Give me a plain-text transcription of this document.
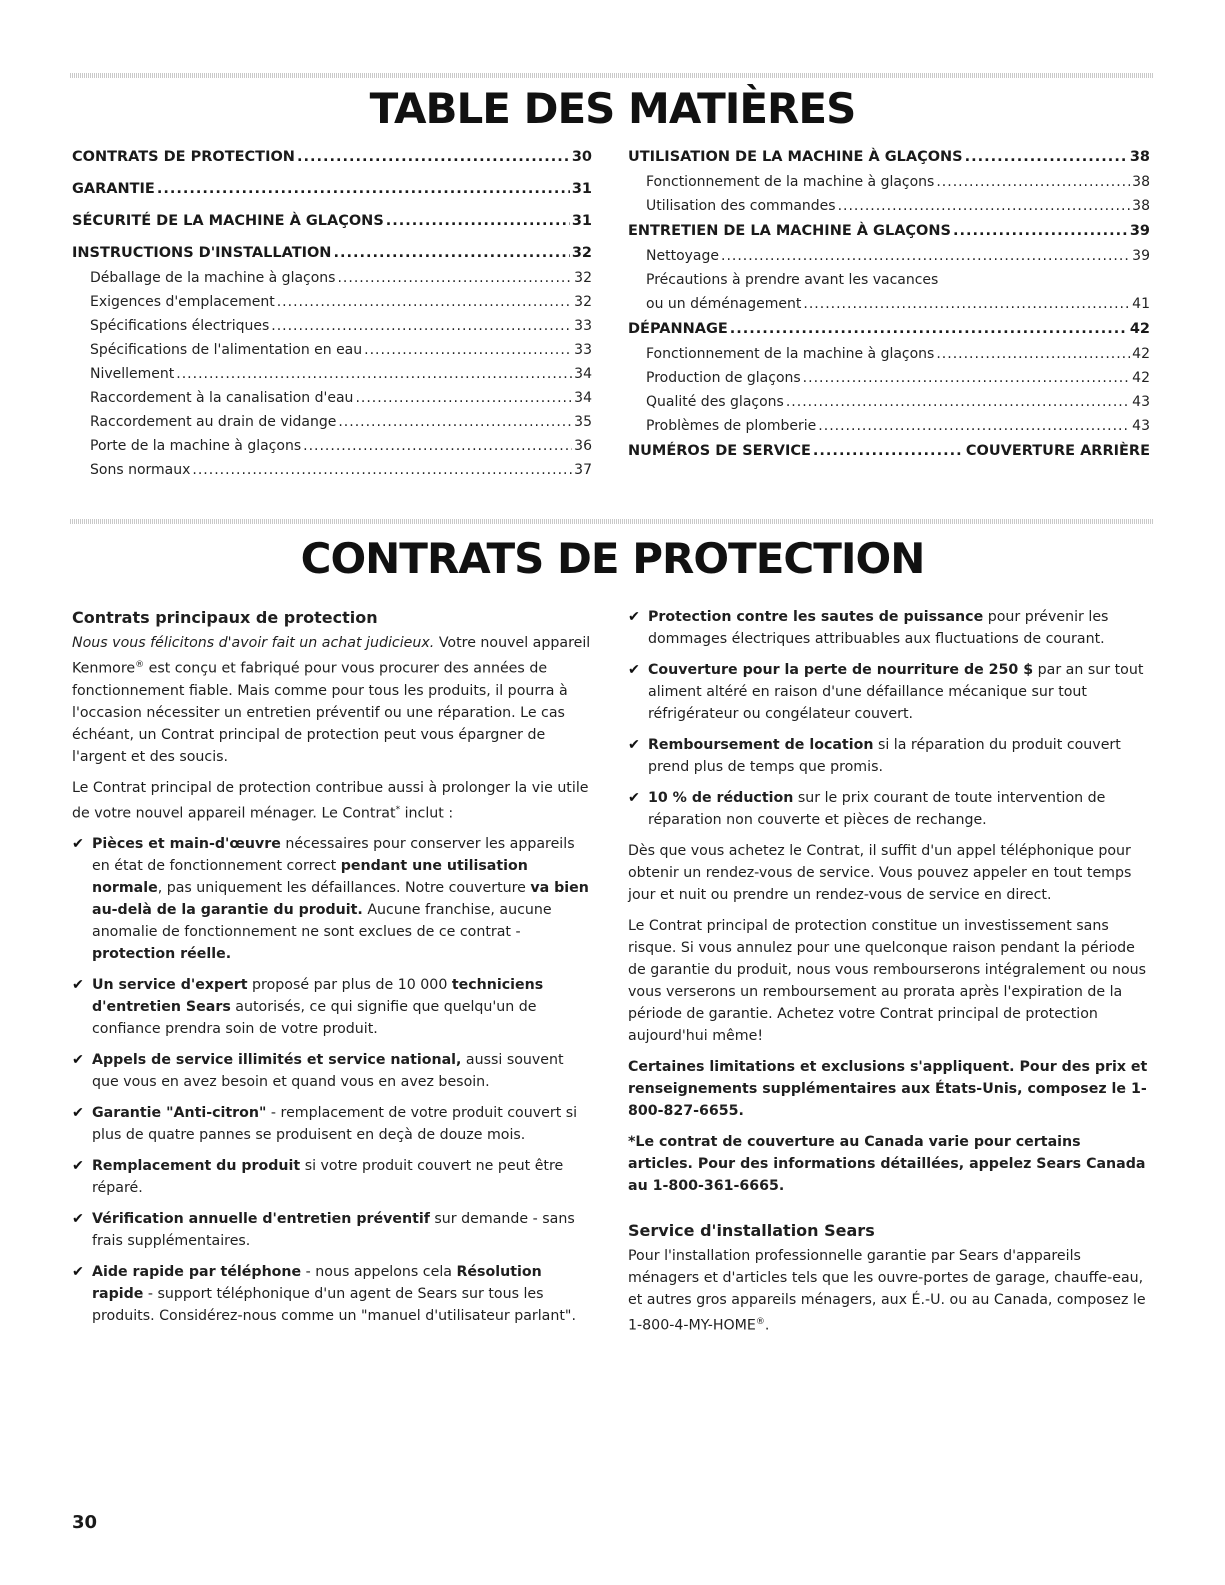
TABLE DES MATIÈRES
CONTRATS DE PROTECTION .....	30
GARANTIE .....	31
SÉCURITÉ DE LA MACHINE À GLAÇONS .....	31
INSTRUCTIONS D'INSTALLATION .....	32
Déballage de la machine à glaçons .....	32
Exigences d'emplacement .....	32
Spécifications électriques .....	33
Spécifications de l'alimentation en eau .....	33
Nivellement .....	34
Raccordement à la canalisation d'eau .....	34
Raccordement au drain de vidange .....	35
Porte de la machine à glaçons .....	36
Sons normaux .....	37
UTILISATION DE LA MACHINE À GLAÇONS .....	38
Fonctionnement de la machine à glaçons .....	38
Utilisation des commandes .....	38
ENTRETIEN DE LA MACHINE À GLAÇONS .....	39
Nettoyage .....	39
Précautions à prendre avant les vacances
ou un déménagement .....	41
DÉPANNAGE .....	42
Fonctionnement de la machine à glaçons .....	42
Production de glaçons .....	42
Qualité des glaçons .....	43
Problèmes de plomberie .....	43
NUMÉROS DE SERVICE .....	COUVERTURE ARRIÈRE
CONTRATS DE PROTECTION
Contrats principaux de protection

Nous vous félicitons d'avoir fait un achat judicieux. Votre nouvel appareil Kenmore® est conçu et fabriqué pour vous procurer des années de fonctionnement fiable. Mais comme pour tous les produits, il pourra à l'occasion nécessiter un entretien préventif ou une réparation. Le cas échéant, un Contrat principal de protection peut vous épargner de l'argent et des soucis.

Le Contrat principal de protection contribue aussi à prolonger la vie utile de votre nouvel appareil ménager. Le Contrat* inclut :

✔ Pièces et main-d'œuvre nécessaires pour conserver les appareils en état de fonctionnement correct pendant une utilisation normale, pas uniquement les défaillances. Notre couverture va bien au-delà de la garantie du produit. Aucune franchise, aucune anomalie de fonctionnement ne sont exclues de ce contrat - protection réelle.
✔ Un service d'expert proposé par plus de 10 000 techniciens d'entretien Sears autorisés, ce qui signifie que quelqu'un de confiance prendra soin de votre produit.
✔ Appels de service illimités et service national, aussi souvent que vous en avez besoin et quand vous en avez besoin.
✔ Garantie "Anti-citron" - remplacement de votre produit couvert si plus de quatre pannes se produisent en deçà de douze mois.
✔ Remplacement du produit si votre produit couvert ne peut être réparé.
✔ Vérification annuelle d'entretien préventif sur demande - sans frais supplémentaires.
✔ Aide rapide par téléphone - nous appelons cela Résolution rapide - support téléphonique d'un agent de Sears sur tous les produits. Considérez-nous comme un "manuel d'utilisateur parlant".
✔ Protection contre les sautes de puissance pour prévenir les dommages électriques attribuables aux fluctuations de courant.
✔ Couverture pour la perte de nourriture de 250 $ par an sur tout aliment altéré en raison d'une défaillance mécanique sur tout réfrigérateur ou congélateur couvert.
✔ Remboursement de location si la réparation du produit couvert prend plus de temps que promis.
✔ 10 % de réduction sur le prix courant de toute intervention de réparation non couverte et pièces de rechange.

Dès que vous achetez le Contrat, il suffit d'un appel téléphonique pour obtenir un rendez-vous de service. Vous pouvez appeler en tout temps jour et nuit ou prendre un rendez-vous de service en direct.

Le Contrat principal de protection constitue un investissement sans risque. Si vous annulez pour une quelconque raison pendant la période de garantie du produit, nous vous rembourserons intégralement ou nous vous verserons un remboursement au prorata après l'expiration de la période de garantie. Achetez votre Contrat principal de protection aujourd'hui même!

Certaines limitations et exclusions s'appliquent. Pour des prix et renseignements supplémentaires aux États-Unis, composez le 1-800-827-6655.

*Le contrat de couverture au Canada varie pour certains articles. Pour des informations détaillées, appelez Sears Canada au 1-800-361-6665.

Service d'installation Sears

Pour l'installation professionnelle garantie par Sears d'appareils ménagers et d'articles tels que les ouvre-portes de garage, chauffe-eau, et autres gros appareils ménagers, aux É.-U. ou au Canada, composez le 1-800-4-MY-HOME®.

30
